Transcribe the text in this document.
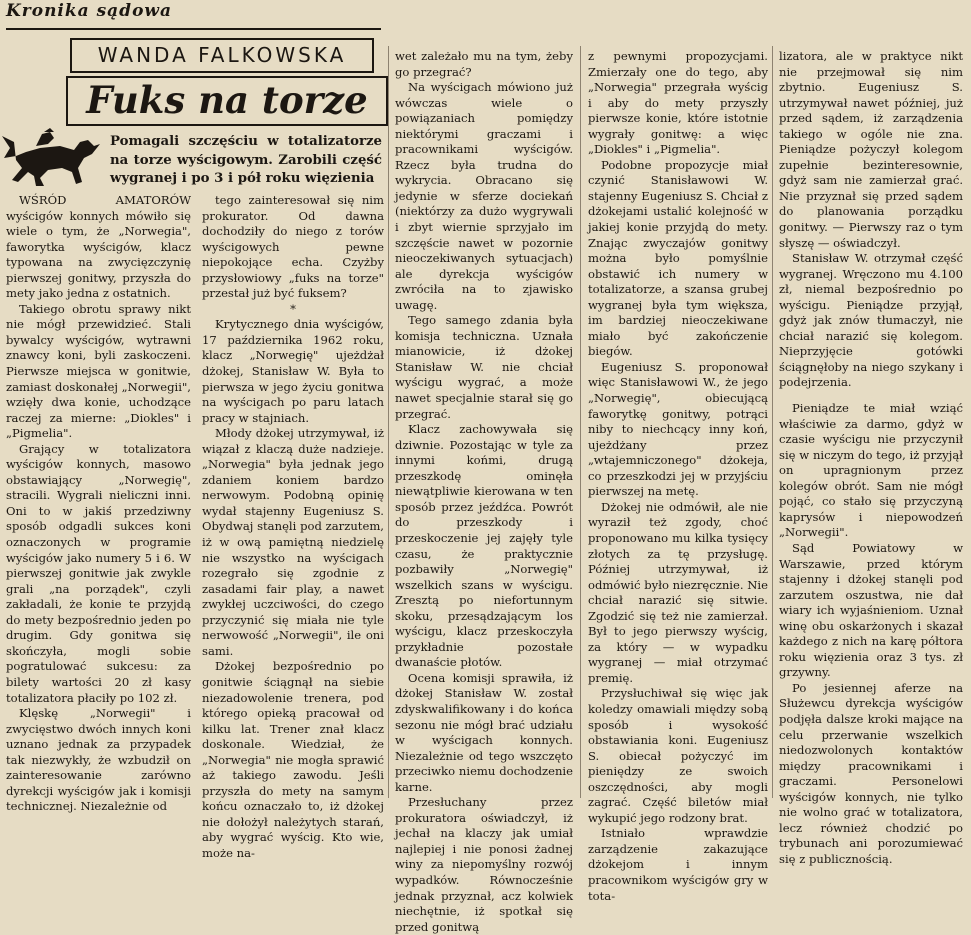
Kronika sądowa
WANDA FALKOWSKA
Fuks na torze
Pomagali szczęściu w totalizatorze na torze wyścigowym. Zarobili część wygranej i po 3 i pół roku więzienia

WŚRÓD AMATORÓW wyścigów konnych mówiło się wiele o tym, że „Norwegia", faworytka wyścigów, klacz typowana na zwycięzczynię pierwszej gonitwy, przyszła do mety jako jedna z ostatnich.

Takiego obrotu sprawy nikt nie mógł przewidzieć. Stali bywalcy wyścigów, wytrawni znawcy koni, byli zaskoczeni. Pierwsze miejsca w gonitwie, zamiast doskonałej „Norwegii", wzięły dwa konie, uchodzące raczej za mierne: „Diokles" i „Pigmelia".

Grający w totalizatora wyścigów konnych, masowo obstawiający „Norwegię", stracili. Wygrali nieliczni inni. Oni to w jakiś przedziwny sposób odgadli sukces koni oznaczonych w programie wyścigów jako numery 5 i 6. W pierwszej gonitwie jak zwykle grali „na porządek", czyli zakładali, że konie te przyjdą do mety bezpośrednio jeden po drugim. Gdy gonitwa się skończyła, mogli sobie pogratulować sukcesu: za bilety wartości 20 zł kasy totalizatora płaciły po 102 zł.

Klęskę „Norwegii" i zwycięstwo dwóch innych koni uznano jednak za przypadek tak niezwykły, że wzbudził on zainteresowanie zarówno dyrekcji wyścigów jak i komisji technicznej. Niezależnie od

tego zainteresował się nim prokurator. Od dawna dochodziły do niego z torów wyścigowych pewne niepokojące echa. Czyżby przysłowiowy „fuks na torze" przestał już być fuksem?

*

Krytycznego dnia wyścigów, 17 października 1962 roku, klacz „Norwegię" ujeżdżał dżokej, Stanisław W. Była to pierwsza w jego życiu gonitwa na wyścigach po paru latach pracy w stajniach.

Młody dżokej utrzymywał, iż wiązał z klaczą duże nadzieje. „Norwegia" była jednak jego zdaniem koniem bardzo nerwowym. Podobną opinię wydał stajenny Eugeniusz S. Obydwaj stanęli pod zarzutem, iż w ową pamiętną niedzielę nie wszystko na wyścigach rozegrało się zgodnie z zasadami fair play, a nawet zwykłej uczciwości, do czego przyczynić się miała nie tyle nerwowość „Norwegii", ile oni sami.

Dżokej bezpośrednio po gonitwie ściągnął na siebie niezadowolenie trenera, pod którego opieką pracował od kilku lat. Trener znał klacz doskonale. Wiedział, że „Norwegia" nie mogła sprawić aż takiego zawodu. Jeśli przyszła do mety na samym końcu oznaczało to, iż dżokej nie dołożył należytych starań, aby wygrać wyścig. Kto wie, może na-

wet zależało mu na tym, żeby go przegrać?

Na wyścigach mówiono już wówczas wiele o powiązaniach pomiędzy niektórymi graczami i pracownikami wyścigów. Rzecz była trudna do wykrycia. Obracano się jedynie w sferze dociekań (niektórzy za dużo wygrywali i zbyt wiernie sprzyjało im szczęście nawet w pozornie nieoczekiwanych sytuacjach) ale dyrekcja wyścigów zwróciła na to zjawisko uwagę.

Tego samego zdania była komisja techniczna. Uznała mianowicie, iż dżokej Stanisław W. nie chciał wyścigu wygrać, a może nawet specjalnie starał się go przegrać.

Klacz zachowywała się dziwnie. Pozostając w tyle za innymi końmi, drugą przeszkodę ominęła niewątpliwie kierowana w ten sposób przez jeźdźca. Powrót do przeszkody i przeskoczenie jej zajęły tyle czasu, że praktycznie pozbawiły „Norwegię" wszelkich szans w wyścigu. Zresztą po niefortunnym skoku, przesądzającym los wyścigu, klacz przeskoczyła przykładnie pozostałe dwanaście płotów.

Ocena komisji sprawiła, iż dżokej Stanisław W. został zdyskwalifikowany i do końca sezonu nie mógł brać udziału w wyścigach konnych. Niezależnie od tego wszczęto przeciwko niemu dochodzenie karne.

Przesłuchany przez prokuratora oświadczył, iż jechał na klaczy jak umiał najlepiej i nie ponosi żadnej winy za niepomyślny rozwój wypadków. Równocześnie jednak przyznał, acz kolwiek niechętnie, iż spotkał się przed gonitwą

z pewnymi propozycjami. Zmierzały one do tego, aby „Norwegia" przegrała wyścig i aby do mety przyszły pierwsze konie, które istotnie wygrały gonitwę: a więc „Diokles" i „Pigmelia".

Podobne propozycje miał czynić Stanisławowi W. stajenny Eugeniusz S. Chciał z dżokejami ustalić kolejność w jakiej konie przyjdą do mety. Znając zwyczajów gonitwy można było pomyślnie obstawić ich numery w totalizatorze, a szansa grubej wygranej była tym większa, im bardziej nieoczekiwane miało być zakończenie biegów.

Eugeniusz S. proponował więc Stanisławowi W., że jego „Norwegię", obiecującą faworytkę gonitwy, potrąci niby to niechcący inny koń, ujeżdżany przez „wtajemniczonego" dżokeja, co przeszkodzi jej w przyjściu pierwszej na metę.

Dżokej nie odmówił, ale nie wyraził też zgody, choć proponowano mu kilka tysięcy złotych za tę przysługę. Później utrzymywał, iż odmówić było niezręcznie. Nie chciał narazić się sitwie. Zgodzić się też nie zamierzał. Był to jego pierwszy wyścig, za który — w wypadku wygranej — miał otrzymać premię.

Przysłuchiwał się więc jak koledzy omawiali między sobą sposób i wysokość obstawiania koni. Eugeniusz S. obiecał pożyczyć im pieniędzy ze swoich oszczędności, aby mogli zagrać. Część biletów miał wykupić jego rodzony brat.

Istniało wprawdzie zarządzenie zakazujące dżokejom i innym pracownikom wyścigów gry w tota-

lizatora, ale w praktyce nikt nie przejmował się nim zbytnio. Eugeniusz S. utrzymywał nawet później, już przed sądem, iż zarządzenia takiego w ogóle nie zna. Pieniądze pożyczył kolegom zupełnie bezinteresownie, gdyż sam nie zamierzał grać. Nie przyznał się przed sądem do planowania porządku gonitwy. — Pierwszy raz o tym słyszę — oświadczył.

Stanisław W. otrzymał część wygranej. Wręczono mu 4.100 zł, niemal bezpośrednio po wyścigu. Pieniądze przyjął, gdyż jak znów tłumaczył, nie chciał narazić się kolegom. Nieprzyjęcie gotówki ściągnęłoby na niego szykany i podejrzenia.

Pieniądze te miał wziąć właściwie za darmo, gdyż w czasie wyścigu nie przyczynił się w niczym do tego, iż przyjął on upragnionym przez kolegów obrót. Sam nie mógł pojąć, co stało się przyczyną kaprysów i niepowodzeń „Norwegii".

Sąd Powiatowy w Warszawie, przed którym stajenny i dżokej stanęli pod zarzutem oszustwa, nie dał wiary ich wyjaśnieniom. Uznał winę obu oskarżonych i skazał każdego z nich na karę półtora roku więzienia oraz 3 tys. zł grzywny.

Po jesiennej aferze na Służewcu dyrekcja wyścigów podjęła dalsze kroki mające na celu przerwanie wszelkich niedozwolonych kontaktów między pracownikami i graczami. Personelowi wyścigów konnych, nie tylko nie wolno grać w totalizatora, lecz również chodzić po trybunach ani porozumiewać się z publicznością.
